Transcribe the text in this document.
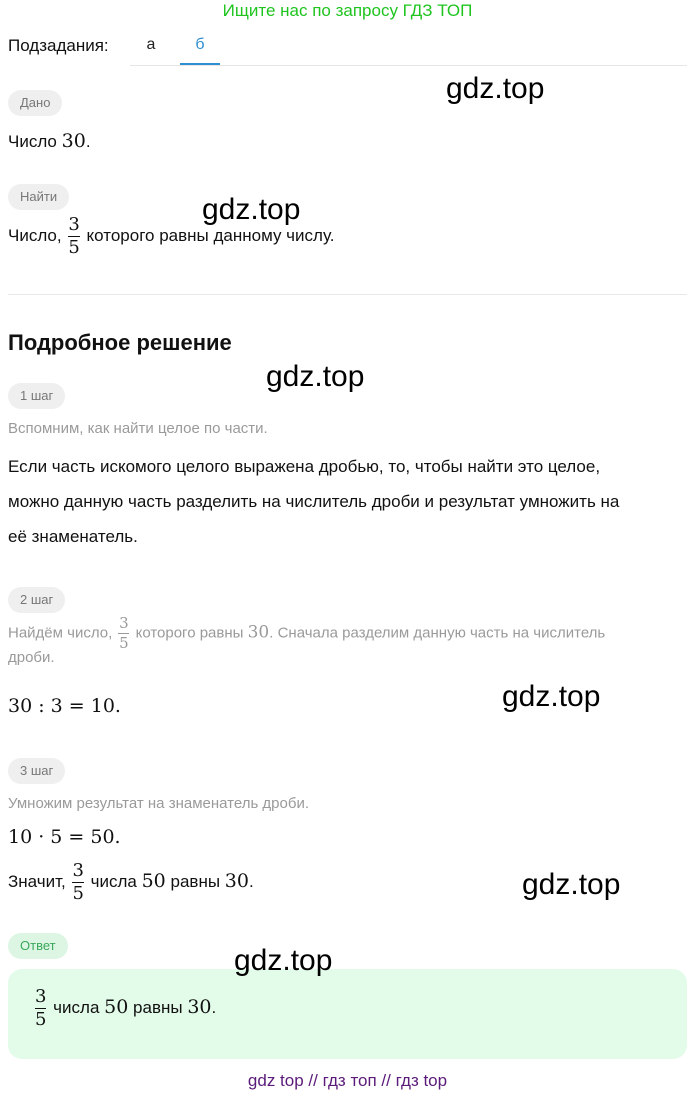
Ищите нас по запросу ГДЗ ТОП
Подзадания:	а	б
Дано
Число 30.
Найти
Число, $\frac{3}{5}$ которого равны данному числу.
Подробное решение
1 шаг
Вспомним, как найти целое по части.
Если часть искомого целого выражена дробью, то, чтобы найти это целое,
можно данную часть разделить на числитель дроби и результат умножить на
её знаменатель.
2 шаг
Найдём число, $\frac{3}{5}$ которого равны 30. Сначала разделим данную часть на числитель
дроби.
30 : 3 = 10.
3 шаг
Умножим результат на знаменатель дроби.
10 · 5 = 50.
Значит, $\frac{3}{5}$ числа 50 равны 30.
Ответ
$\frac{3}{5}$ числа 50 равны 30.
gdz.top
gdz.top
gdz.top
gdz.top
gdz.top
gdz.top
gdz top // гдз топ // гдз top
